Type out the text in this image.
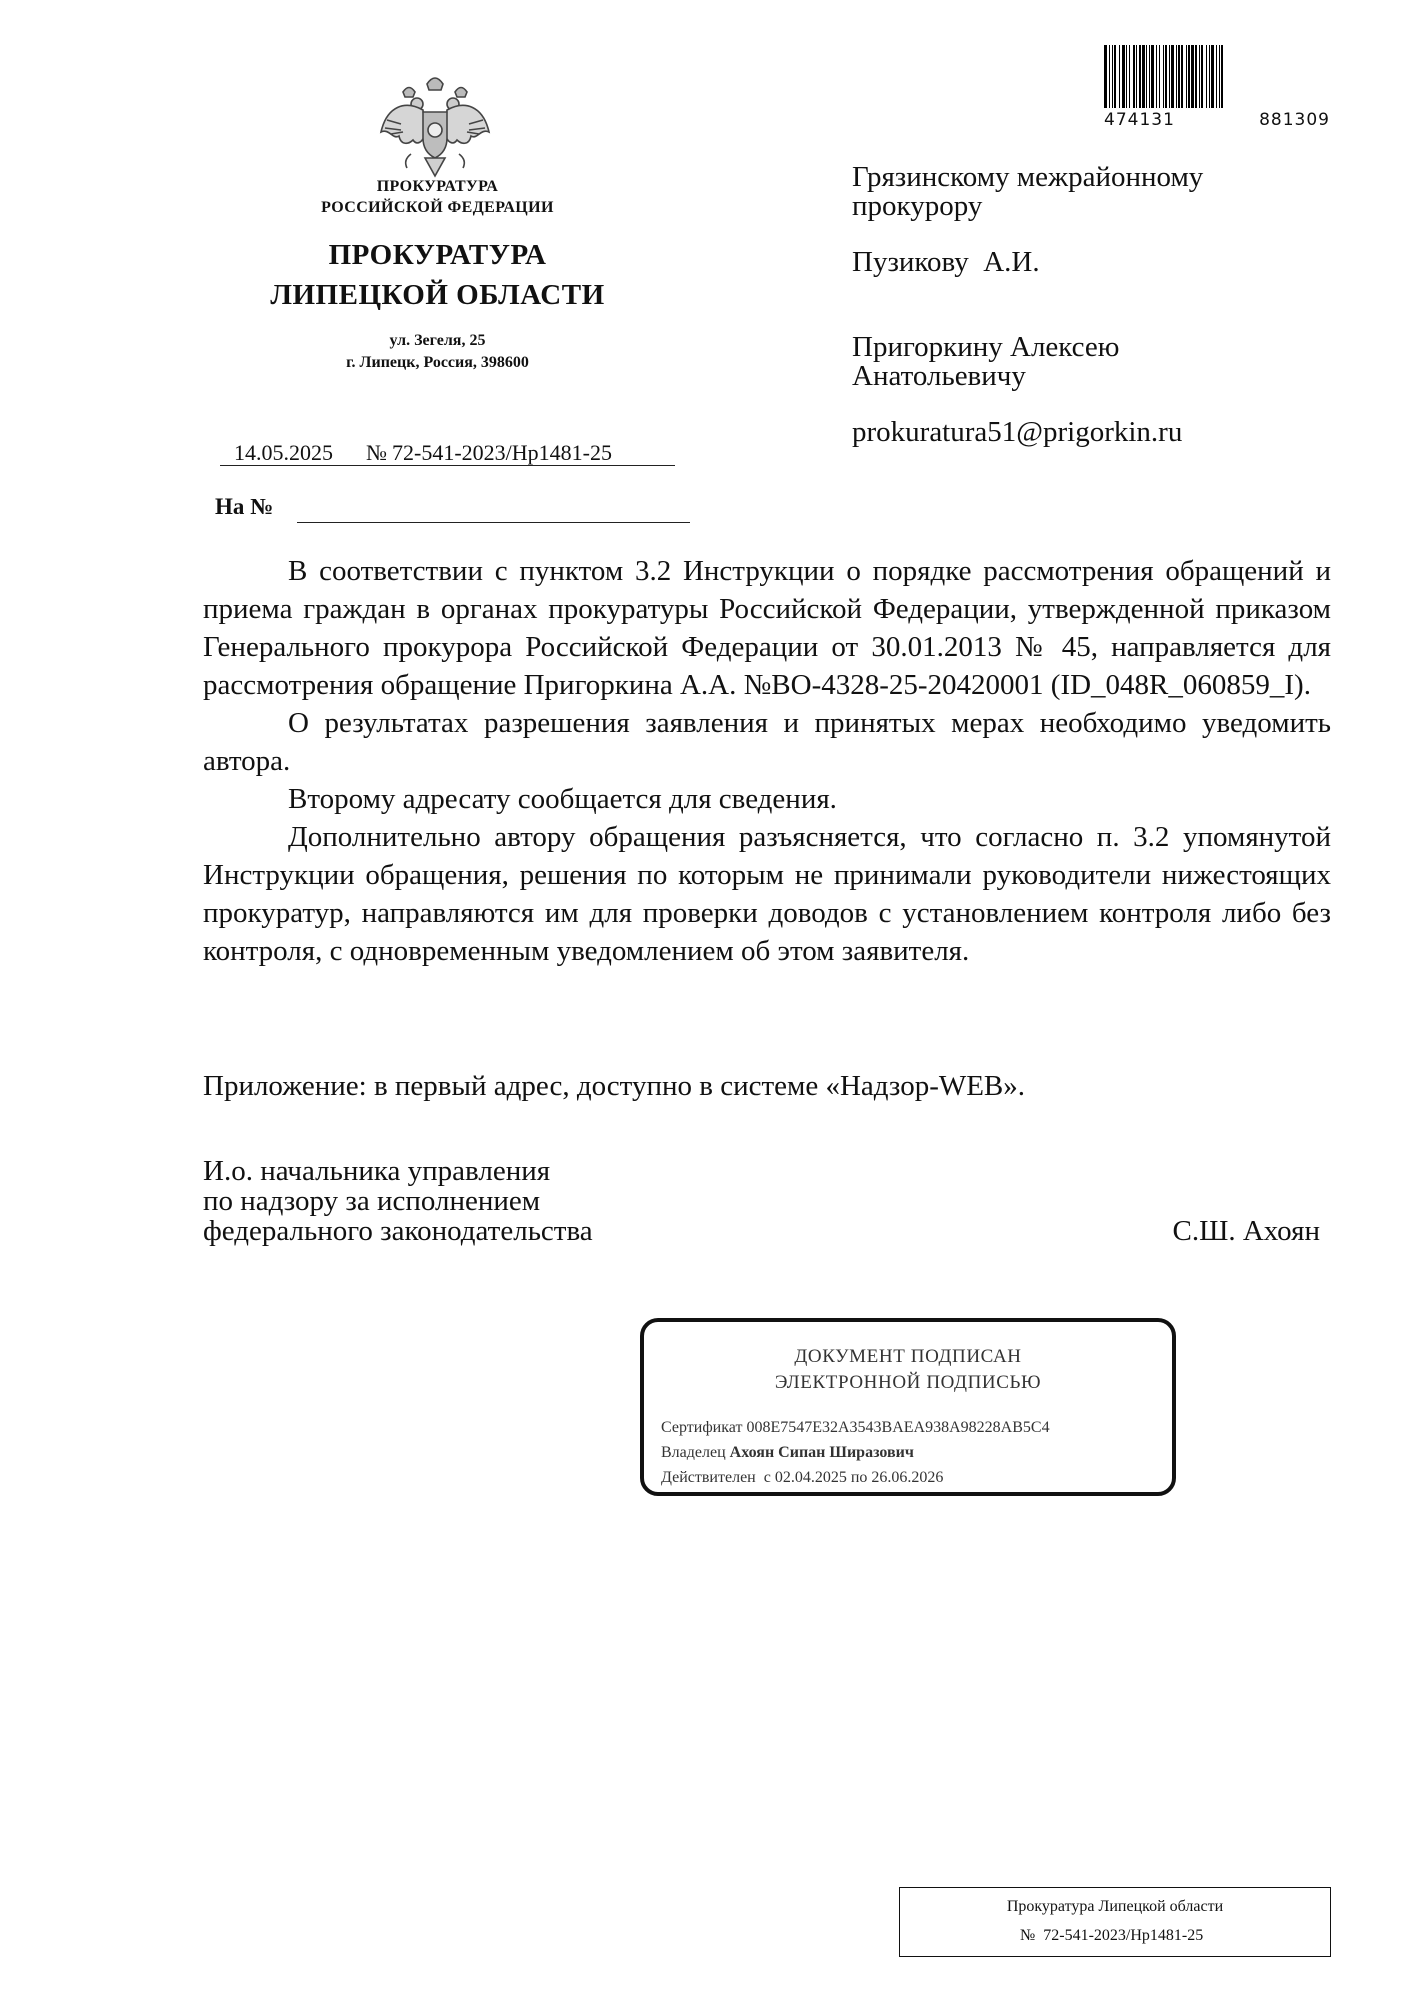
ПРОКУРАТУРА
РОССИЙСКОЙ ФЕДЕРАЦИИ
ПРОКУРАТУРА
ЛИПЕЦКОЙ ОБЛАСТИ
ул. Зегеля, 25
г. Липецк, Россия, 398600
14.05.2025 № 72-541-2023/Нр1481-25
На №
474131	881309
Грязинскому межрайонному
прокурору
Пузикову  А.И.
Пригоркину Алексею
Анатольевичу
prokuratura51@prigorkin.ru

В соответствии с пунктом 3.2 Инструкции о порядке рассмотрения обращений и приема граждан в органах прокуратуры Российской Федерации, утвержденной приказом Генерального прокурора Российской Федерации от 30.01.2013 № 45, направляется для рассмотрения обращение Пригоркина А.А. №ВО-4328-25-20420001 (ID_048R_060859_I).

О результатах разрешения заявления и принятых мерах необходимо уведомить автора.

Второму адресату сообщается для сведения.

Дополнительно автору обращения разъясняется, что согласно п. 3.2 упомянутой Инструкции обращения, решения по которым не принимали руководители нижестоящих прокуратур, направляются им для проверки доводов с установлением контроля либо без контроля, с одновременным уведомлением об этом заявителя.

Приложение: в первый адрес, доступно в системе «Надзор-WEB».
И.о. начальника управления
по надзору за исполнением
федерального законодательства	С.Ш. Ахоян
ДОКУМЕНТ ПОДПИСАН
ЭЛЕКТРОННОЙ ПОДПИСЬЮ
Сертификат 008E7547E32A3543BAEA938A98228AB5C4
Владелец Ахоян Сипан Ширазович
Действителен  с 02.04.2025 по 26.06.2026
Прокуратура Липецкой области
№  72-541-2023/Нр1481-25
